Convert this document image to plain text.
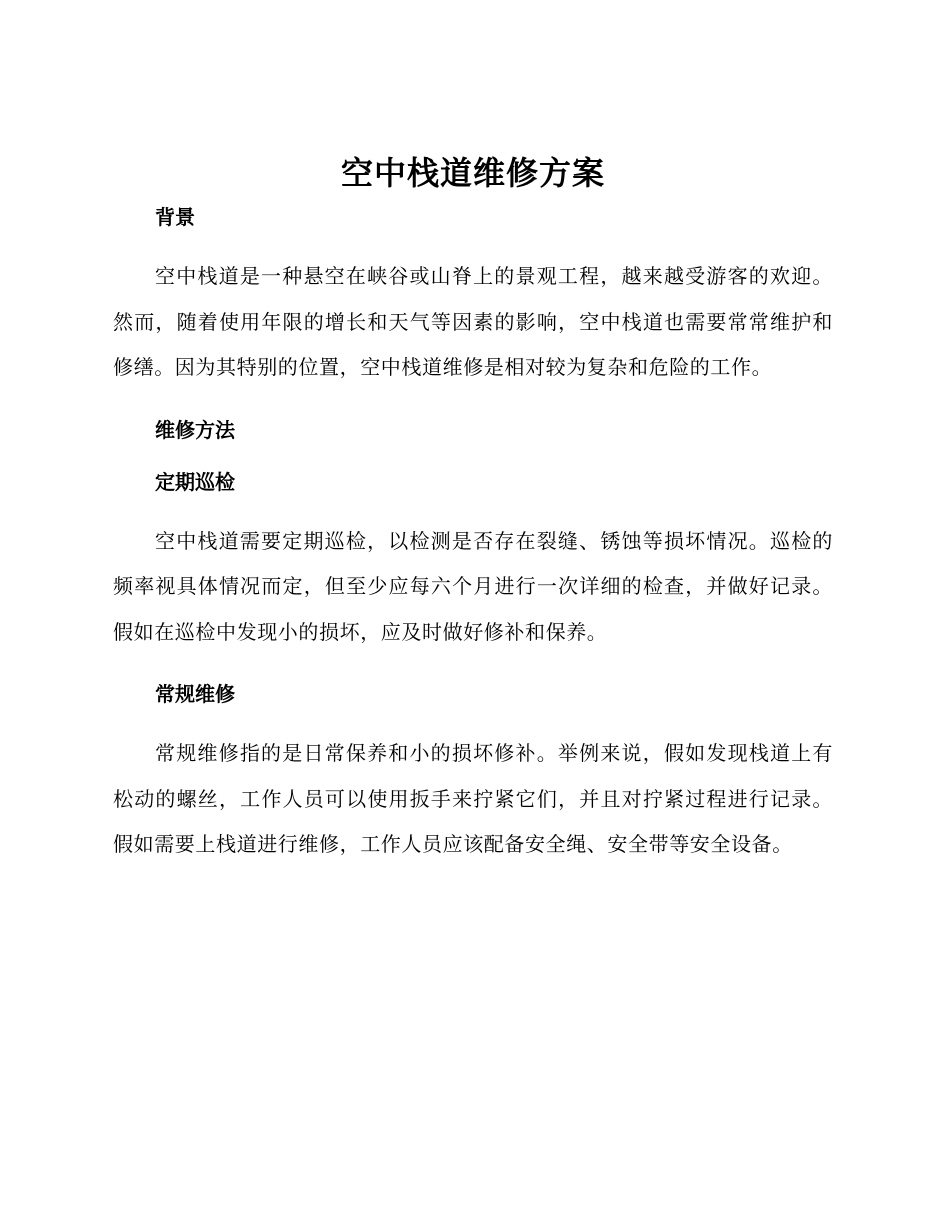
空中栈道维修方案
背景

空中栈道是一种悬空在峡谷或山脊上的景观工程，越来越受游客的欢迎。然而，随着使用年限的增长和天气等因素的影响，空中栈道也需要常常维护和修缮。因为其特别的位置，空中栈道维修是相对较为复杂和危险的工作。

维修方法
定期巡检

空中栈道需要定期巡检，以检测是否存在裂缝、锈蚀等损坏情况。巡检的频率视具体情况而定，但至少应每六个月进行一次详细的检查，并做好记录。假如在巡检中发现小的损坏，应及时做好修补和保养。

常规维修

常规维修指的是日常保养和小的损坏修补。举例来说，假如发现栈道上有松动的螺丝，工作人员可以使用扳手来拧紧它们，并且对拧紧过程进行记录。假如需要上栈道进行维修，工作人员应该配备安全绳、安全带等安全设备。
